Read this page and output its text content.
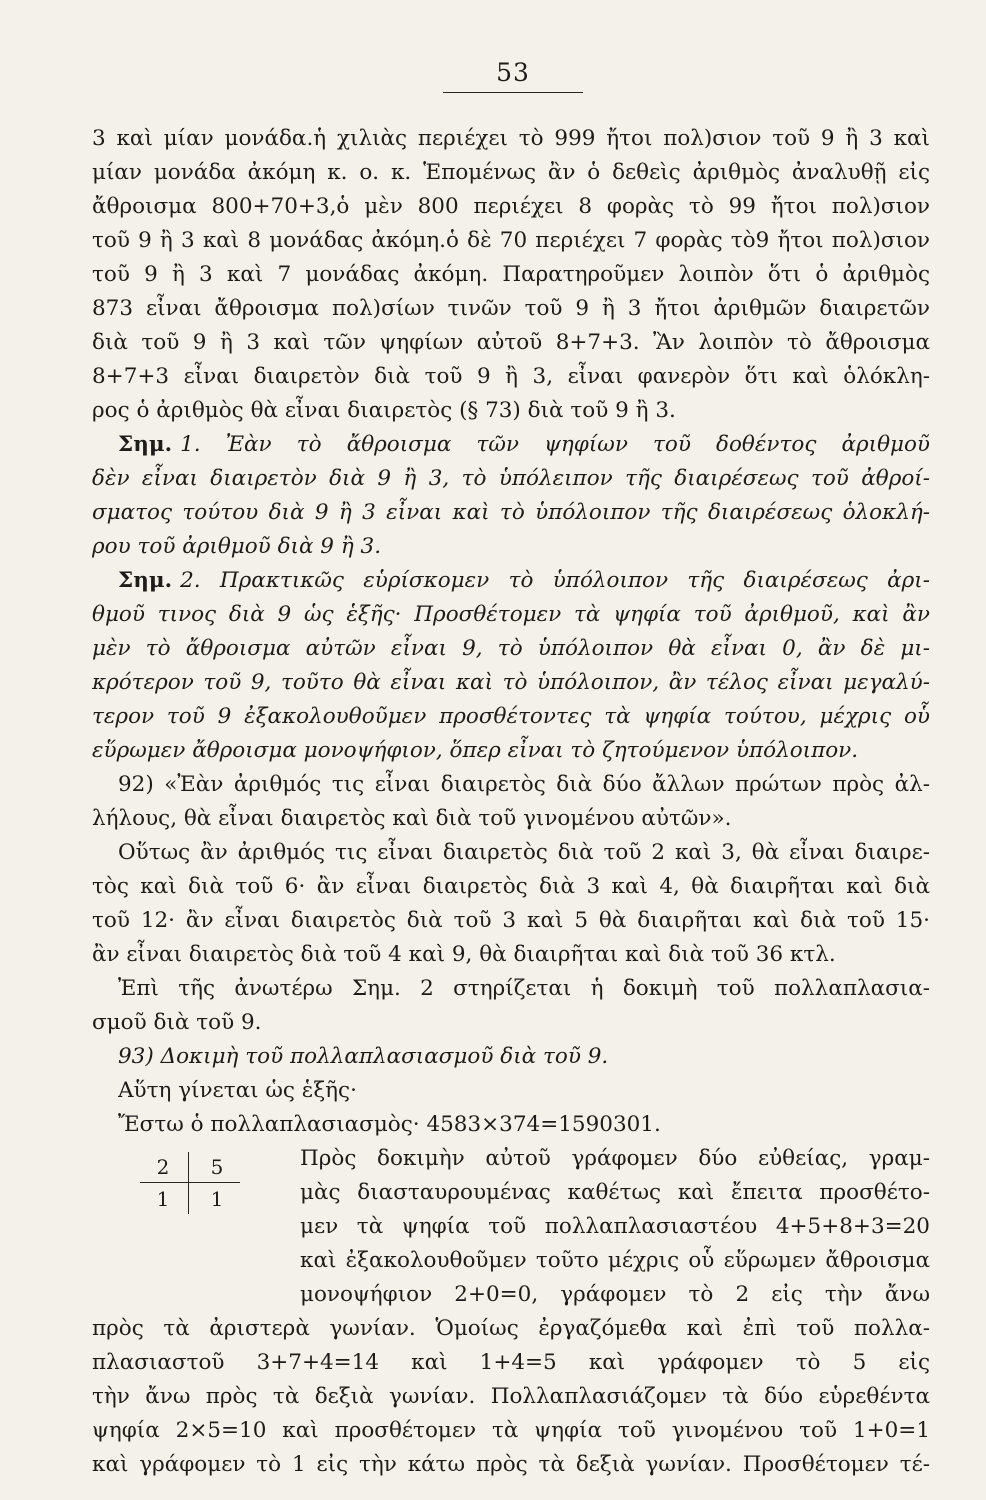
53
3 καὶ μίαν μονάδα.ἡ χιλιὰς περιέχει τὸ 999 ἤτοι πολ)σιον τοῦ 9 ἢ 3 καὶ
μίαν μονάδα ἀκόμη κ. ο. κ. Ἑπομένως ἂν ὁ δεθεὶς ἀριθμὸς ἀναλυθῇ εἰς
ἄθροισμα 800+70+3,ὁ μὲν 800 περιέχει 8 φορὰς τὸ 99 ἤτοι πολ)σιον
τοῦ 9 ἢ 3 καὶ 8 μονάδας ἀκόμη.ὁ δὲ 70 περιέχει 7 φορὰς τὸ9 ἤτοι πολ)σιον
τοῦ 9 ἢ 3 καὶ 7 μονάδας ἀκόμη. Παρατηροῦμεν λοιπὸν ὅτι ὁ ἀριθμὸς
873 εἶναι ἄθροισμα πολ)σίων τινῶν τοῦ 9 ἢ 3 ἤτοι ἀριθμῶν διαιρετῶν
διὰ τοῦ 9 ἢ 3 καὶ τῶν ψηφίων αὐτοῦ 8+7+3. Ἂν λοιπὸν τὸ ἄθροισμα
8+7+3 εἶναι διαιρετὸν διὰ τοῦ 9 ἢ 3, εἶναι φανερὸν ὅτι καὶ ὁλόκλη-
ρος ὁ ἀριθμὸς θὰ εἶναι διαιρετὸς (§ 73) διὰ τοῦ 9 ἢ 3.
Σημ. 1. Ἐὰν τὸ ἄθροισμα τῶν ψηφίων τοῦ δοθέντος ἀριθμοῦ
δὲν εἶναι διαιρετὸν διὰ 9 ἢ 3, τὸ ὑπόλειπον τῆς διαιρέσεως τοῦ ἀθροί-
σματος τούτου διὰ 9 ἢ 3 εἶναι καὶ τὸ ὑπόλοιπον τῆς διαιρέσεως ὁλοκλή-
ρου τοῦ ἀριθμοῦ διὰ 9 ἢ 3.
Σημ. 2. Πρακτικῶς εὑρίσκομεν τὸ ὑπόλοιπον τῆς διαιρέσεως ἀρι-
θμοῦ τινος διὰ 9 ὡς ἑξῆς· Προσθέτομεν τὰ ψηφία τοῦ ἀριθμοῦ, καὶ ἂν
μὲν τὸ ἄθροισμα αὐτῶν εἶναι 9, τὸ ὑπόλοιπον θὰ εἶναι 0, ἂν δὲ μι-
κρότερον τοῦ 9, τοῦτο θὰ εἶναι καὶ τὸ ὑπόλοιπον, ἂν τέλος εἶναι μεγαλύ-
τερον τοῦ 9 ἐξακολουθοῦμεν προσθέτοντες τὰ ψηφία τούτου, μέχρις οὗ
εὕρωμεν ἄθροισμα μονοψήφιον, ὅπερ εἶναι τὸ ζητούμενον ὑπόλοιπον.
92) «Ἐὰν ἀριθμός τις εἶναι διαιρετὸς διὰ δύο ἄλλων πρώτων πρὸς ἀλ-
λήλους, θὰ εἶναι διαιρετὸς καὶ διὰ τοῦ γινομένου αὐτῶν».
Οὕτως ἂν ἀριθμός τις εἶναι διαιρετὸς διὰ τοῦ 2 καὶ 3, θὰ εἶναι διαιρε-
τὸς καὶ διὰ τοῦ 6· ἂν εἶναι διαιρετὸς διὰ 3 καὶ 4, θὰ διαιρῆται καὶ διὰ
τοῦ 12· ἂν εἶναι διαιρετὸς διὰ τοῦ 3 καὶ 5 θὰ διαιρῆται καὶ διὰ τοῦ 15·
ἂν εἶναι διαιρετὸς διὰ τοῦ 4 καὶ 9, θὰ διαιρῆται καὶ διὰ τοῦ 36 κτλ.
Ἐπὶ τῆς ἀνωτέρω Σημ. 2 στηρίζεται ἡ δοκιμὴ τοῦ πολλαπλασια-
σμοῦ διὰ τοῦ 9.
93) Δοκιμὴ τοῦ πολλαπλασιασμοῦ διὰ τοῦ 9.
Αὕτη γίνεται ὡς ἑξῆς·
Ἔστω ὁ πολλαπλασιασμὸς· 4583×374=1590301.
2	5
1	1
Πρὸς δοκιμὴν αὐτοῦ γράφομεν δύο εὐθείας, γραμ-
μὰς διασταυρουμένας καθέτως καὶ ἔπειτα προσθέτο-
μεν τὰ ψηφία τοῦ πολλαπλασιαστέου 4+5+8+3=20
καὶ ἐξακολουθοῦμεν τοῦτο μέχρις οὗ εὕρωμεν ἄθροισμα
μονοψήφιον 2+0=0, γράφομεν τὸ 2 εἰς τὴν ἄνω
πρὸς τὰ ἀριστερὰ γωνίαν. Ὁμοίως ἐργαζόμεθα καὶ ἐπὶ τοῦ πολλα-
πλασιαστοῦ 3+7+4=14 καὶ 1+4=5 καὶ γράφομεν τὸ 5 εἰς
τὴν ἄνω πρὸς τὰ δεξιὰ γωνίαν. Πολλαπλασιάζομεν τὰ δύο εὑρεθέντα
ψηφία 2×5=10 καὶ προσθέτομεν τὰ ψηφία τοῦ γινομένου τοῦ 1+0=1
καὶ γράφομεν τὸ 1 εἰς τὴν κάτω πρὸς τὰ δεξιὰ γωνίαν. Προσθέτομεν τέ-
